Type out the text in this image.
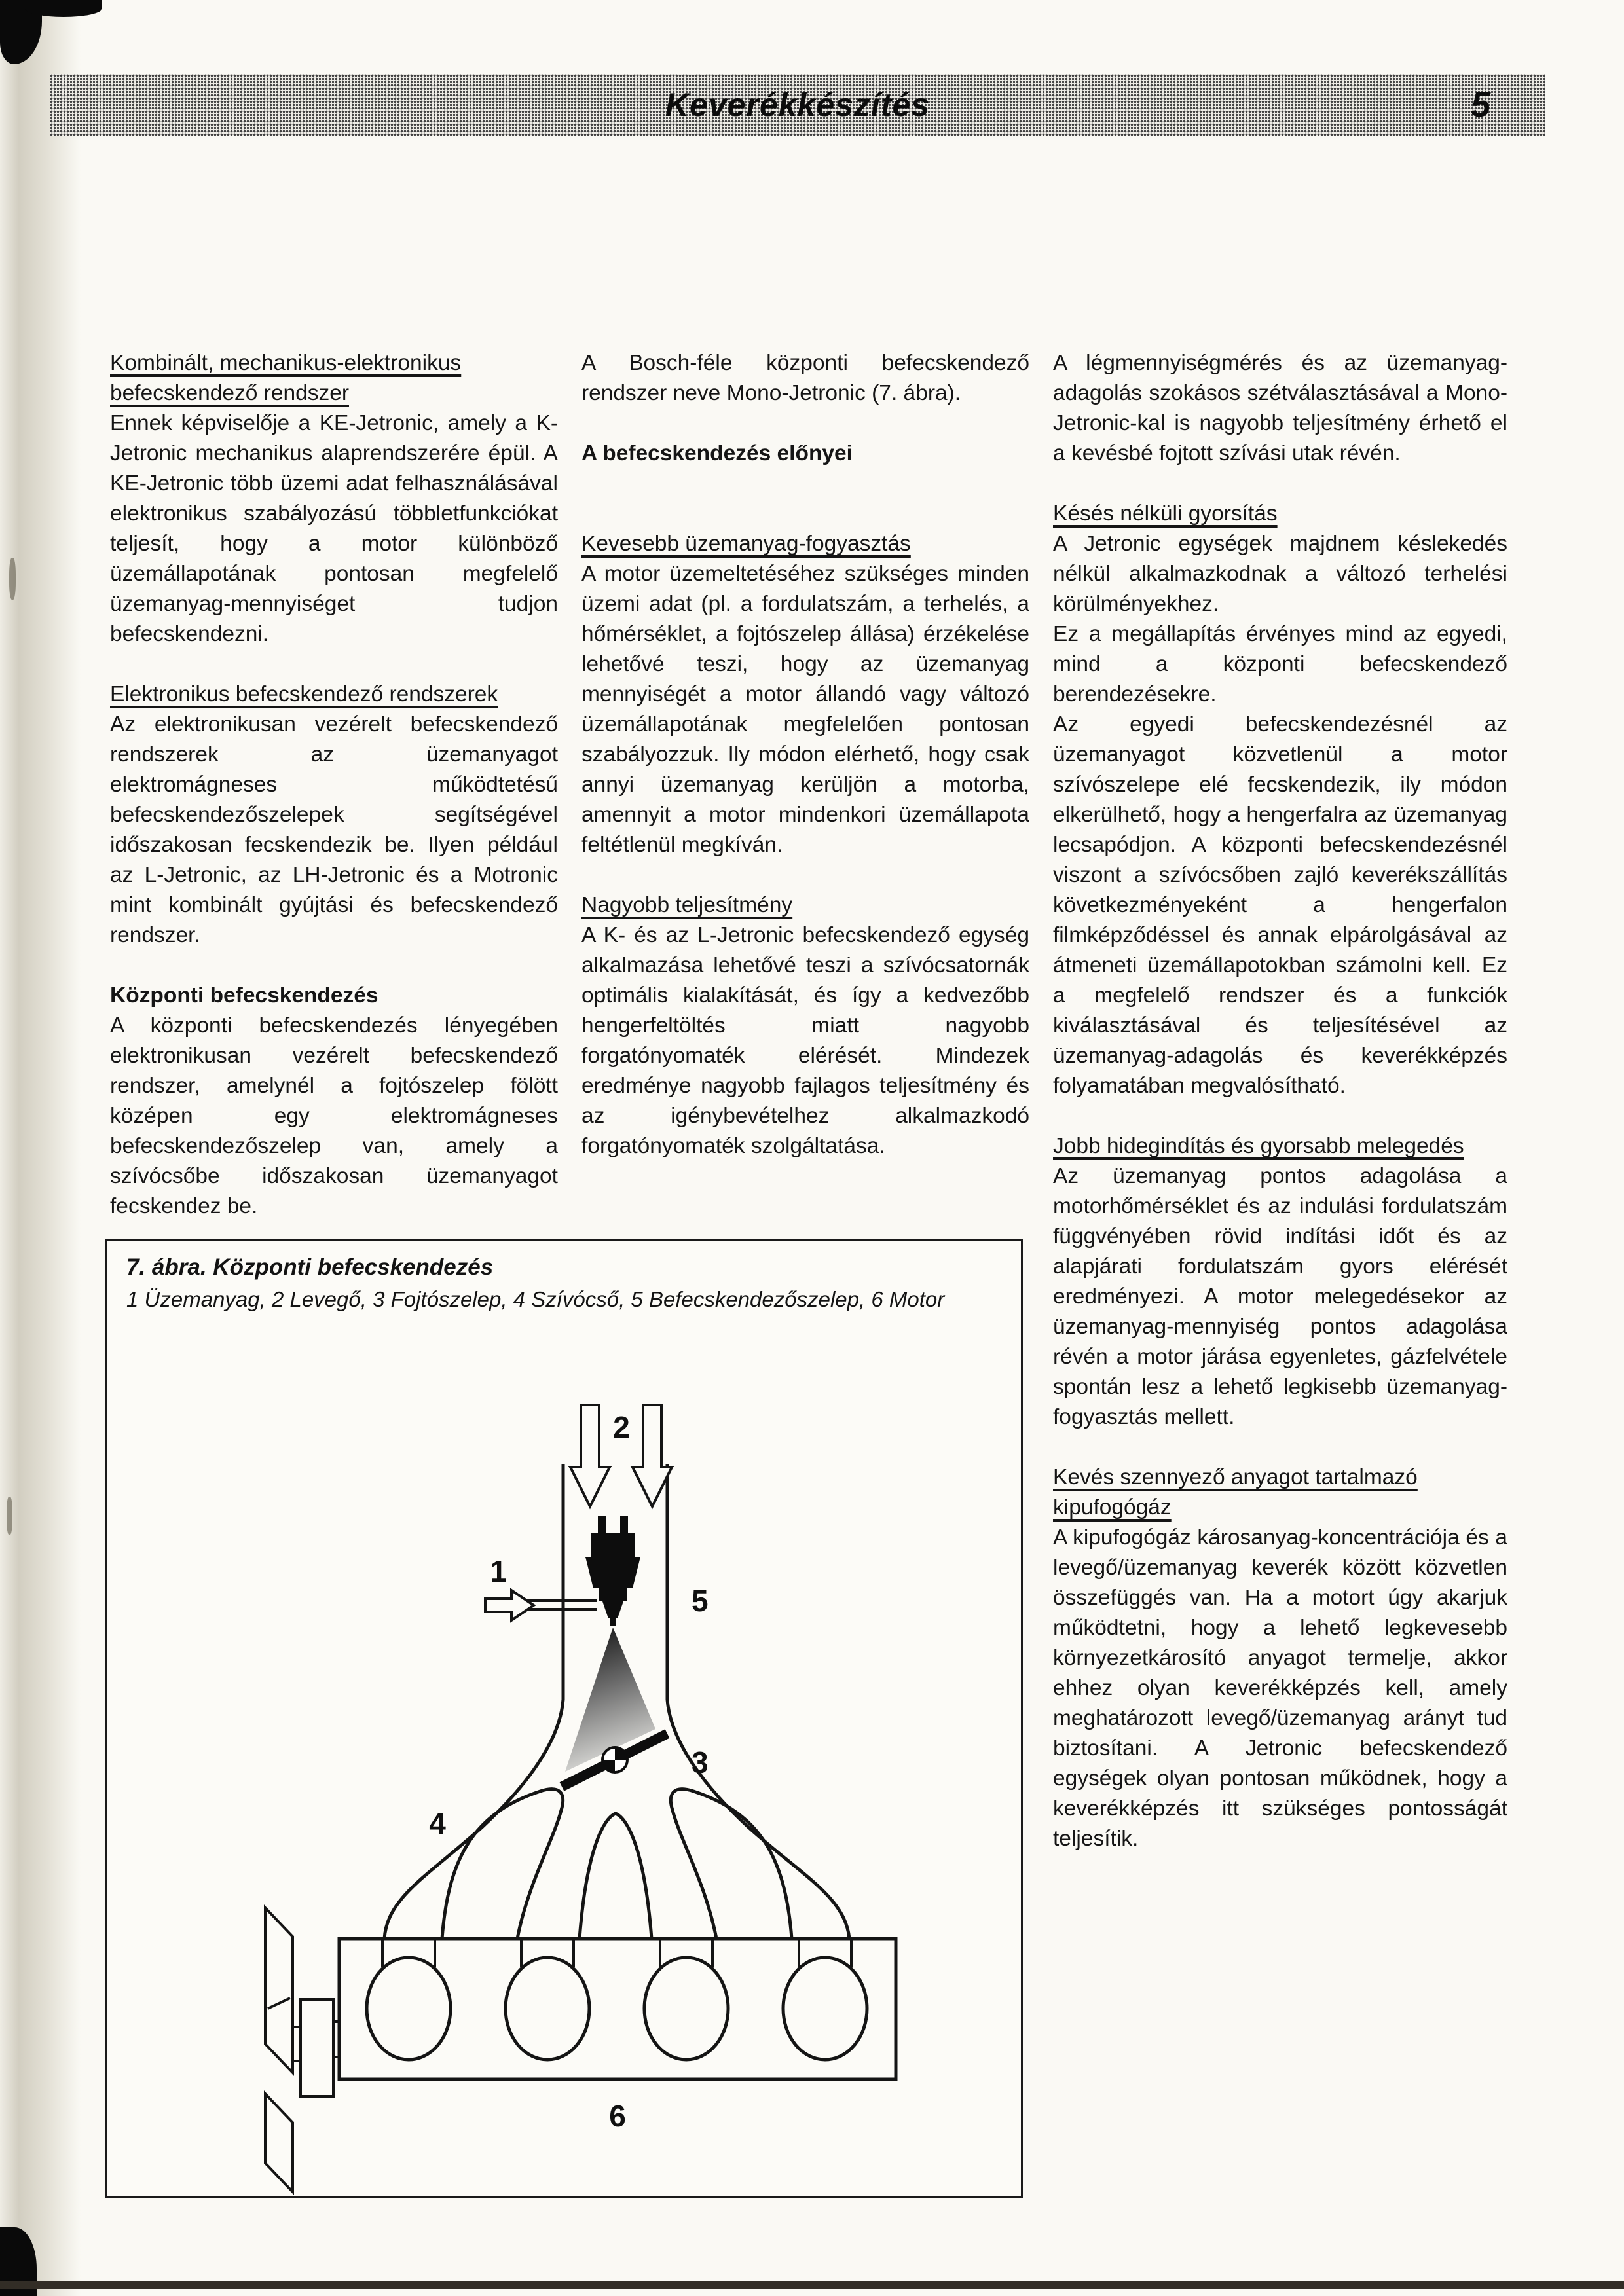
Keverékkészítés	5

Kombinált, mechanikus-elektronikus befecskendező rendszer

Ennek képviselője a KE-Jetronic, amely a K-Jetronic mechanikus alaprendszerére épül. A KE-Jetronic több üzemi adat felhasználásával elektronikus szabályozású többletfunkciókat teljesít, hogy a motor különböző üzemállapotának pontosan megfelelő üzemanyag-mennyiséget tudjon befecskendezni.

Elektronikus befecskendező rendszerek

Az elektronikusan vezérelt befecskendező rendszerek az üzemanyagot elektromágneses működtetésű befecskendezőszelepek segítségével időszakosan fecskendezik be. Ilyen például az L-Jetronic, az LH-Jetronic és a Motronic mint kombinált gyújtási és befecskendező rendszer.

Központi befecskendezés

A központi befecskendezés lényegében elektronikusan vezérelt befecskendező rendszer, amelynél a fojtószelep fölött középen egy elektromágneses befecskendezőszelep van, amely a szívócsőbe időszakosan üzemanyagot fecskendez be.

A Bosch-féle központi befecskendező rendszer neve Mono-Jetronic (7. ábra).

A befecskendezés előnyei

Kevesebb üzemanyag-fogyasztás

A motor üzemeltetéséhez szükséges minden üzemi adat (pl. a fordulatszám, a terhelés, a hőmérséklet, a fojtószelep állása) érzékelése lehetővé teszi, hogy az üzemanyag mennyiségét a motor állandó vagy változó üzemállapotának megfelelően pontosan szabályozzuk. Ily módon elérhető, hogy csak annyi üzemanyag kerüljön a motorba, amennyit a motor mindenkori üzemállapota feltétlenül megkíván.

Nagyobb teljesítmény

A K- és az L-Jetronic befecskendező egység alkalmazása lehetővé teszi a szívócsatornák optimális kialakítását, és így a kedvezőbb hengerfeltöltés miatt nagyobb forgatónyomaték elérését. Mindezek eredménye nagyobb fajlagos teljesítmény és az igénybevételhez alkalmazkodó forgatónyomaték szolgáltatása.

A légmennyiségmérés és az üzemanyag-adagolás szokásos szétválasztásával a Mono-Jetronic-kal is nagyobb teljesítmény érhető el a kevésbé fojtott szívási utak révén.

Késés nélküli gyorsítás

A Jetronic egységek majdnem késlekedés nélkül alkalmazkodnak a változó terhelési körülményekhez.

Ez a megállapítás érvényes mind az egyedi, mind a központi befecskendező berendezésekre.

Az egyedi befecskendezésnél az üzemanyagot közvetlenül a motor szívószelepe elé fecskendezik, ily módon elkerülhető, hogy a hengerfalra az üzemanyag lecsapódjon. A központi befecskendezésnél viszont a szívócsőben zajló keverékszállítás következményeként a hengerfalon filmképződéssel és annak elpárolgásával az átmeneti üzemállapotokban számolni kell. Ez a megfelelő rendszer és a funkciók kiválasztásával és teljesítésével az üzemanyag-adagolás és keverékképzés folyamatában megvalósítható.

Jobb hidegindítás és gyorsabb melegedés

Az üzemanyag pontos adagolása a motorhőmérséklet és az indulási fordulatszám függvényében rövid indítási időt és az alapjárati fordulatszám gyors elérését eredményezi. A motor melegedésekor az üzemanyag-mennyiség pontos adagolása révén a motor járása egyenletes, gázfelvétele spontán lesz a lehető legkisebb üzemanyag-fogyasztás mellett.

Kevés szennyező anyagot tartalmazó kipufogógáz

A kipufogógáz károsanyag-koncentrációja és a levegő/üzemanyag keverék között közvetlen összefüggés van. Ha a motort úgy akarjuk működtetni, hogy a lehető legkevesebb környezetkárosító anyagot termelje, akkor ehhez olyan keverékképzés kell, amely meghatározott levegő/üzemanyag arányt tud biztosítani. A Jetronic befecskendező egységek olyan pontosan működnek, hogy a keverékképzés itt szükséges pontosságát teljesítik.

7. ábra. Központi befecskendezés

1 Üzemanyag, 2 Levegő, 3 Fojtószelep, 4 Szívócső, 5 Befecskendezőszelep, 6 Motor

1
2
3
4
5
6
